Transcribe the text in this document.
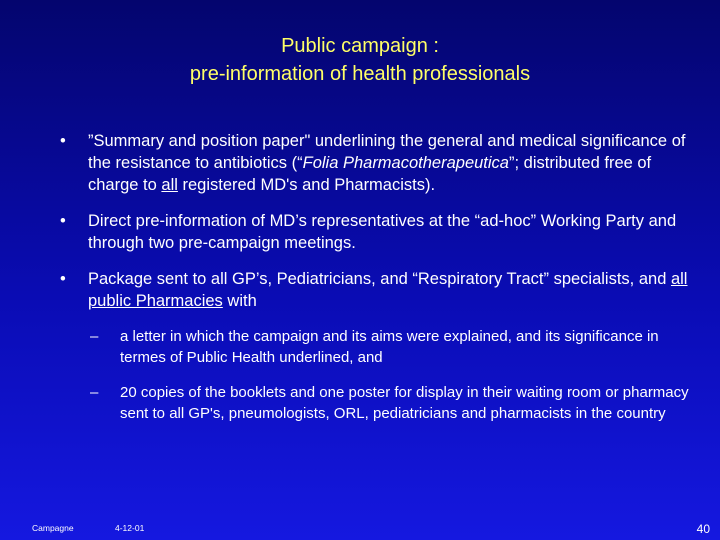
Public campaign :
pre-information of health professionals
• ”Summary and position paper" underlining the general and medical significance of the resistance to antibiotics (“Folia Pharmacotherapeutica”; distributed free of charge to all registered MD's and Pharmacists).
• Direct pre-information of MD’s representatives at the “ad-hoc” Working Party and through two pre-campaign meetings.
• Package sent to all GP’s, Pediatricians, and “Respiratory Tract” specialists, and all public Pharmacies with
– a letter in which the campaign and its aims were explained, and its significance in termes of Public Health underlined, and
– 20 copies of the booklets and one poster for display in their waiting room or pharmacy sent to all GP's, pneumologists, ORL, pediatricians and pharmacists in the country
Campagne	4-12-01	40
